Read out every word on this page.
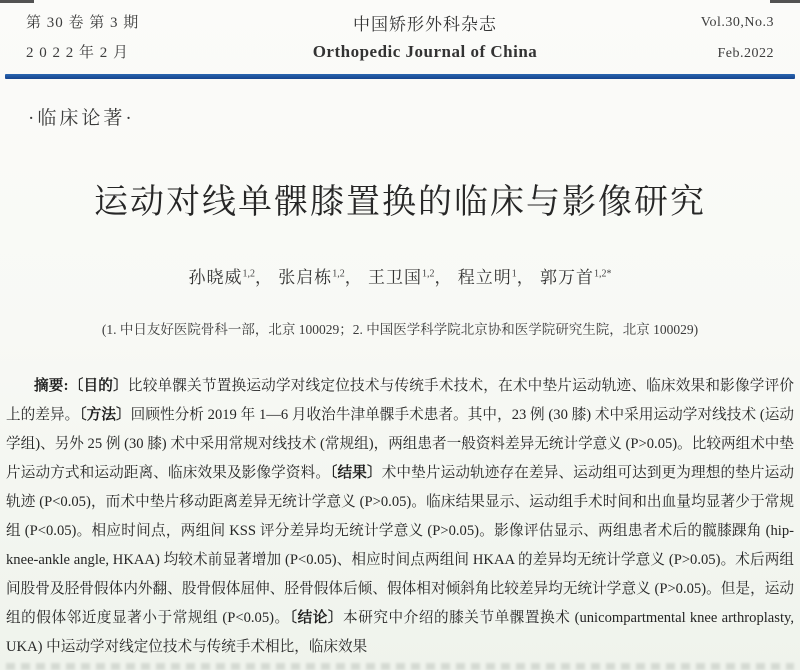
第 30 卷 第 3 期
2 0 2 2 年 2 月
中国矫形外科杂志
Orthopedic Journal of China
Vol.30,No.3
Feb.2022
·临床论著·
运动对线单髁膝置换的临床与影像研究
孙晓威$^{1,2}$， 张启栋$^{1,2}$， 王卫国$^{1,2}$， 程立明$^1$， 郭万首$^{1,2*}$
(1. 中日友好医院骨科一部，北京 100029；2. 中国医学科学院北京协和医学院研究生院，北京 100029)

摘要:〔目的〕比较单髁关节置换运动学对线定位技术与传统手术技术，在术中垫片运动轨迹、临床效果和影像学评价上的差异。〔方法〕回顾性分析 2019 年 1—6 月收治牛津单髁手术患者。其中，23 例 (30 膝) 术中采用运动学对线技术 (运动学组)、另外 25 例 (30 膝) 术中采用常规对线技术 (常规组)，两组患者一般资料差异无统计学意义 (P>0.05)。比较两组术中垫片运动方式和运动距离、临床效果及影像学资料。〔结果〕术中垫片运动轨迹存在差异、运动组可达到更为理想的垫片运动轨迹 (P<0.05)，而术中垫片移动距离差异无统计学意义 (P>0.05)。临床结果显示、运动组手术时间和出血量均显著少于常规组 (P<0.05)。相应时间点，两组间 KSS 评分差异均无统计学意义 (P>0.05)。影像评估显示、两组患者术后的髋膝踝角 (hip-knee-ankle angle, HKAA) 均较术前显著增加 (P<0.05)、相应时间点两组间 HKAA 的差异均无统计学意义 (P>0.05)。术后两组间股骨及胫骨假体内外翻、股骨假体屈伸、胫骨假体后倾、假体相对倾斜角比较差异均无统计学意义 (P>0.05)。但是，运动组的假体邻近度显著小于常规组 (P<0.05)。〔结论〕本研究中介绍的膝关节单髁置换术 (unicompartmental knee arthroplasty, UKA) 中运动学对线定位技术与传统手术相比，临床效果
